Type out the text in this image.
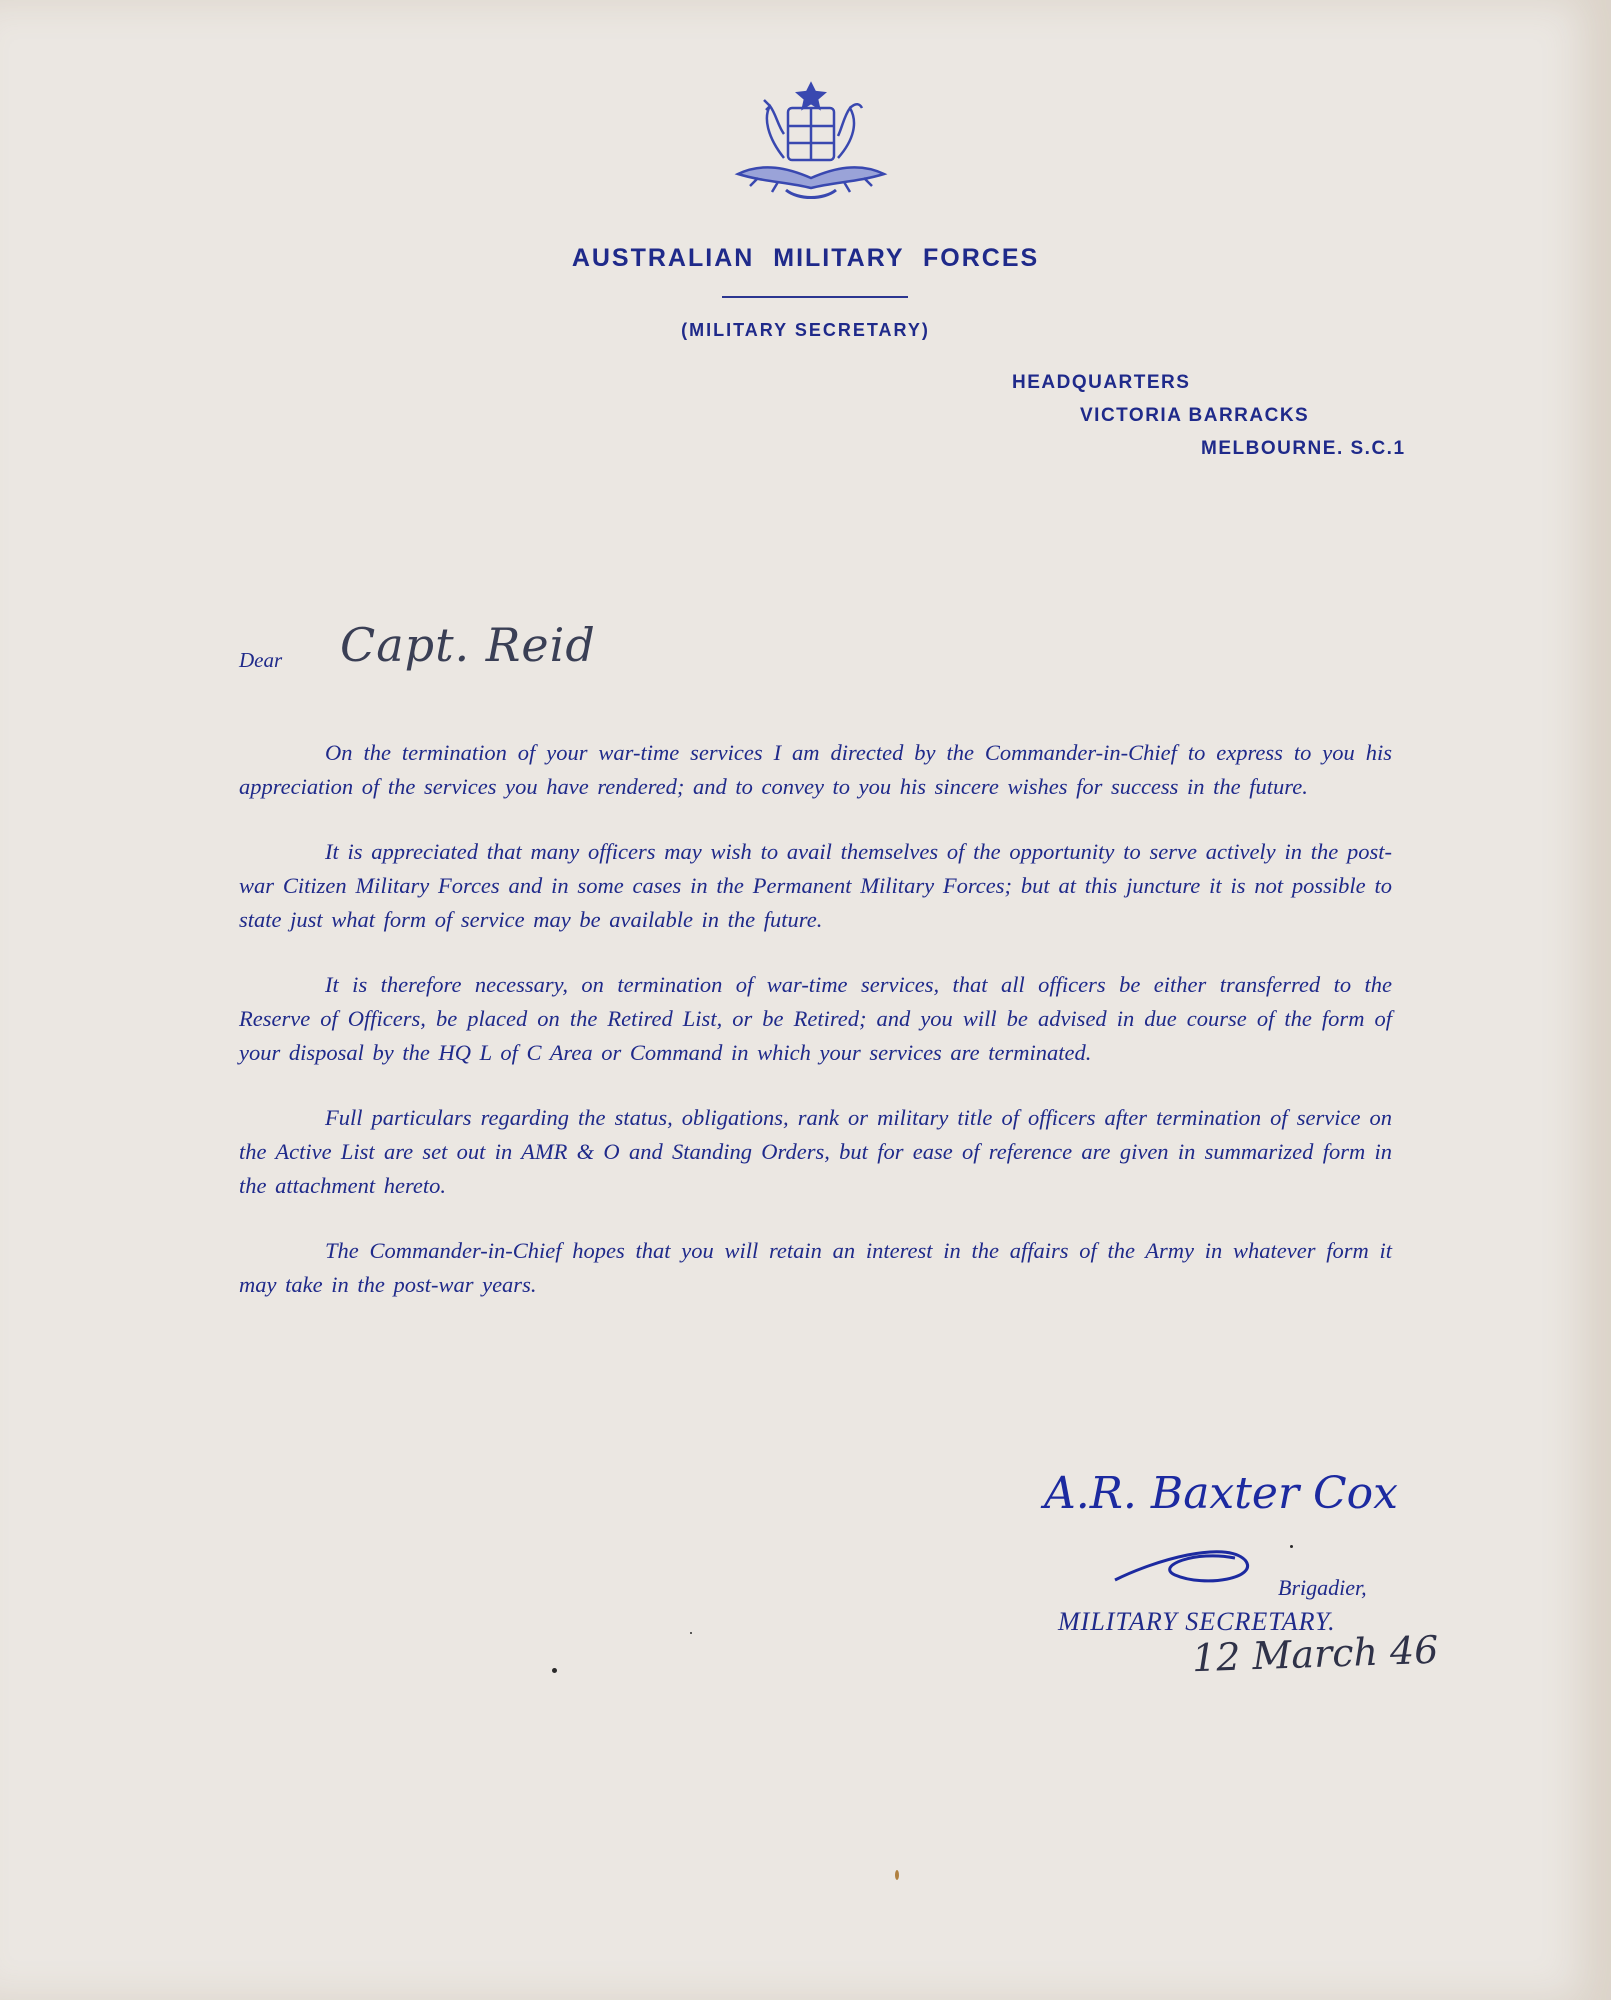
AUSTRALIAN MILITARY FORCES
(MILITARY SECRETARY)
HEADQUARTERS
VICTORIA BARRACKS
MELBOURNE. S.C.1
Dear Capt. Reid

On the termination of your war-time services I am directed by the Commander-in-Chief to express to you his appreciation of the services you have rendered; and to convey to you his sincere wishes for success in the future.

It is appreciated that many officers may wish to avail themselves of the opportunity to serve actively in the post-war Citizen Military Forces and in some cases in the Permanent Military Forces; but at this juncture it is not possible to state just what form of service may be available in the future.

It is therefore necessary, on termination of war-time services, that all officers be either transferred to the Reserve of Officers, be placed on the Retired List, or be Retired; and you will be advised in due course of the form of your disposal by the HQ L of C Area or Command in which your services are terminated.

Full particulars regarding the status, obligations, rank or military title of officers after termination of service on the Active List are set out in AMR & O and Standing Orders, but for ease of reference are given in summarized form in the attachment hereto.

The Commander-in-Chief hopes that you will retain an interest in the affairs of the Army in whatever form it may take in the post-war years.

A.R. Baxter Cox
Brigadier,
MILITARY SECRETARY.
12 March 46
